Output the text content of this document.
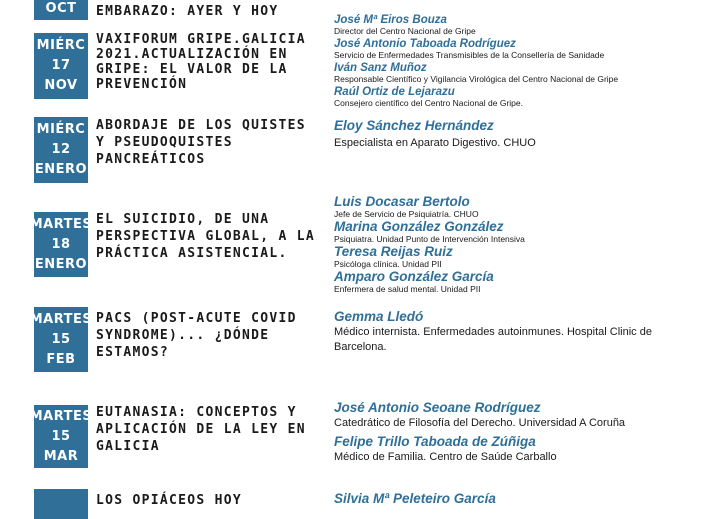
OCT EMBARAZO: AYER Y HOY
MIÉRC
17
NOV
VAXIFORUM GRIPE.GALICIA 2021.ACTUALIZACIÓN EN GRIPE: EL VALOR DE LA PREVENCIÓN
José Mª Eiros Bouza
Director del Centro Nacional de Gripe
José Antonio Taboada Rodríguez
Servicio de Enfermedades Transmisibles de la Consellería de Sanidade
Iván Sanz Muñoz
Responsable Científico y Vigilancia Virológica del Centro Nacional de Gripe
Raúl Ortiz de Lejarazu
Consejero científico del Centro Nacional de Gripe.
MIÉRC
12
ENERO
ABORDAJE DE LOS QUISTES Y PSEUDOQUISTES PANCREÁTICOS
Eloy Sánchez Hernández
Especialista en Aparato Digestivo. CHUO
MARTES
18
ENERO
EL SUICIDIO, DE UNA PERSPECTIVA GLOBAL, A LA PRÁCTICA ASISTENCIAL.
Luis Docasar Bertolo
Jefe de Servicio de Psiquiatría. CHUO
Marina González González
Psiquiatra. Unidad Punto de Intervención Intensiva
Teresa Reijas Ruiz
Psicóloga clínica. Unidad PII
Amparo González García
Enfermera de salud mental. Unidad PII
MARTES
15
FEB
PACS (POST-ACUTE COVID SYNDROME)... ¿DÓNDE ESTAMOS?
Gemma Lledó
Médico internista. Enfermedades autoinmunes. Hospital Clinic de Barcelona.
MARTES
15
MAR
EUTANASIA: CONCEPTOS Y APLICACIÓN DE LA LEY EN GALICIA
José Antonio Seoane Rodríguez
Catedrático de Filosofía del Derecho. Universidad A Coruña
Felipe Trillo Taboada de Zúñiga
Médico de Familia. Centro de Saúde Carballo
LOS OPIÁCEOS HOY	Silvia Mª Peleteiro García
